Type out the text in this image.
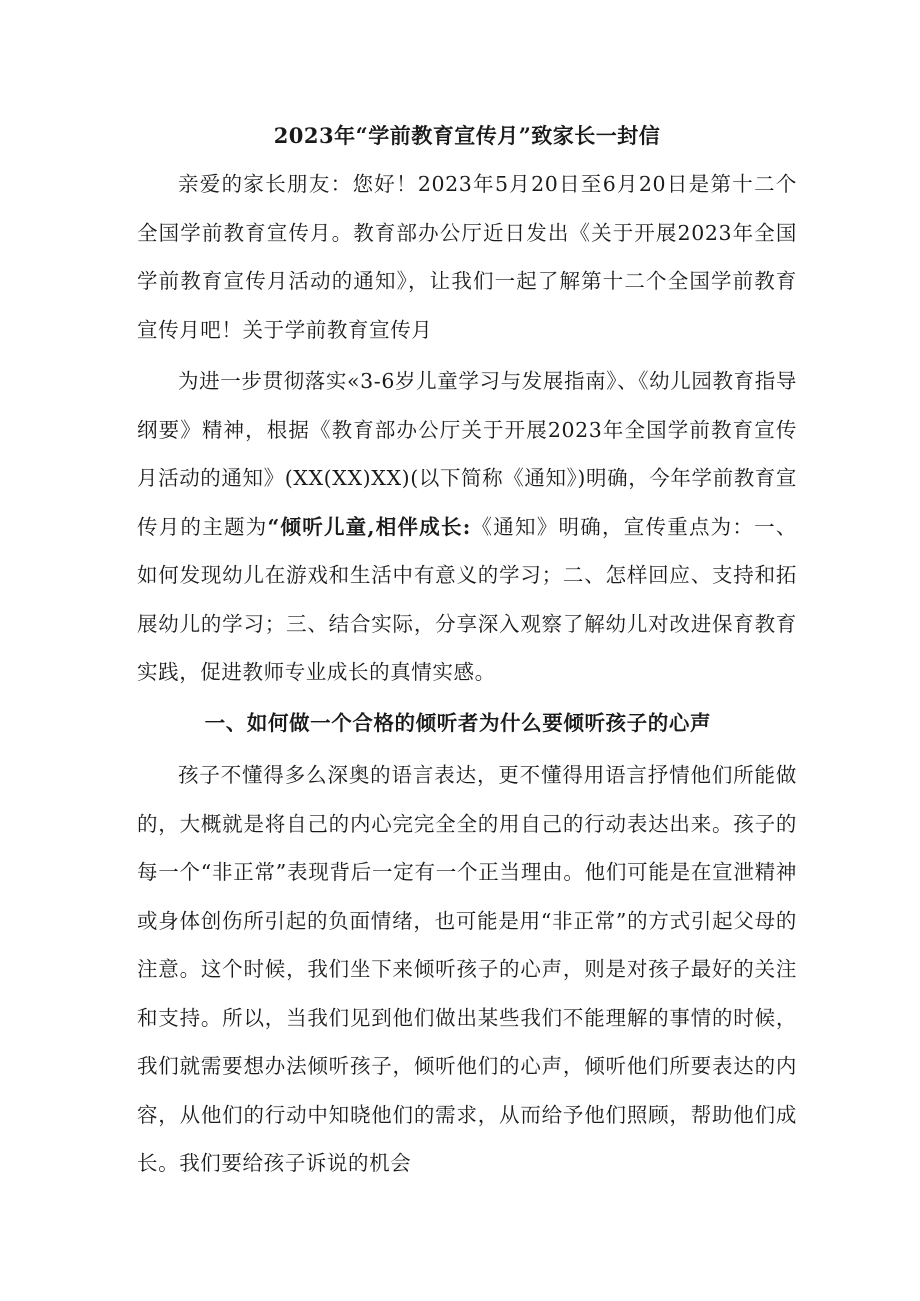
2023年“学前教育宣传月”致家长一封信

亲爱的家长朋友：您好！2023年5月20日至6月20日是第十二个全国学前教育宣传月。教育部办公厅近日发出《关于开展2023年全国学前教育宣传月活动的通知》，让我们一起了解第十二个全国学前教育宣传月吧！关于学前教育宣传月

为进一步贯彻落实«3-6岁儿童学习与发展指南》、《幼儿园教育指导纲要》精神，根据《教育部办公厅关于开展2023年全国学前教育宣传月活动的通知》(XX(XX)XX)(以下简称《通知》)明确，今年学前教育宣传月的主题为“倾听儿童,相伴成长:《通知》明确，宣传重点为：一、如何发现幼儿在游戏和生活中有意义的学习；二、怎样回应、支持和拓展幼儿的学习；三、结合实际，分享深入观察了解幼儿对改进保育教育实践，促进教师专业成长的真情实感。

一、如何做一个合格的倾听者为什么要倾听孩子的心声

孩子不懂得多么深奥的语言表达，更不懂得用语言抒情他们所能做的，大概就是将自己的内心完完全全的用自己的行动表达出来。孩子的每一个“非正常”表现背后一定有一个正当理由。他们可能是在宣泄精神或身体创伤所引起的负面情绪，也可能是用“非正常”的方式引起父母的注意。这个时候，我们坐下来倾听孩子的心声，则是对孩子最好的关注和支持。所以，当我们见到他们做出某些我们不能理解的事情的时候，我们就需要想办法倾听孩子，倾听他们的心声，倾听他们所要表达的内容，从他们的行动中知晓他们的需求，从而给予他们照顾，帮助他们成长。我们要给孩子诉说的机会
